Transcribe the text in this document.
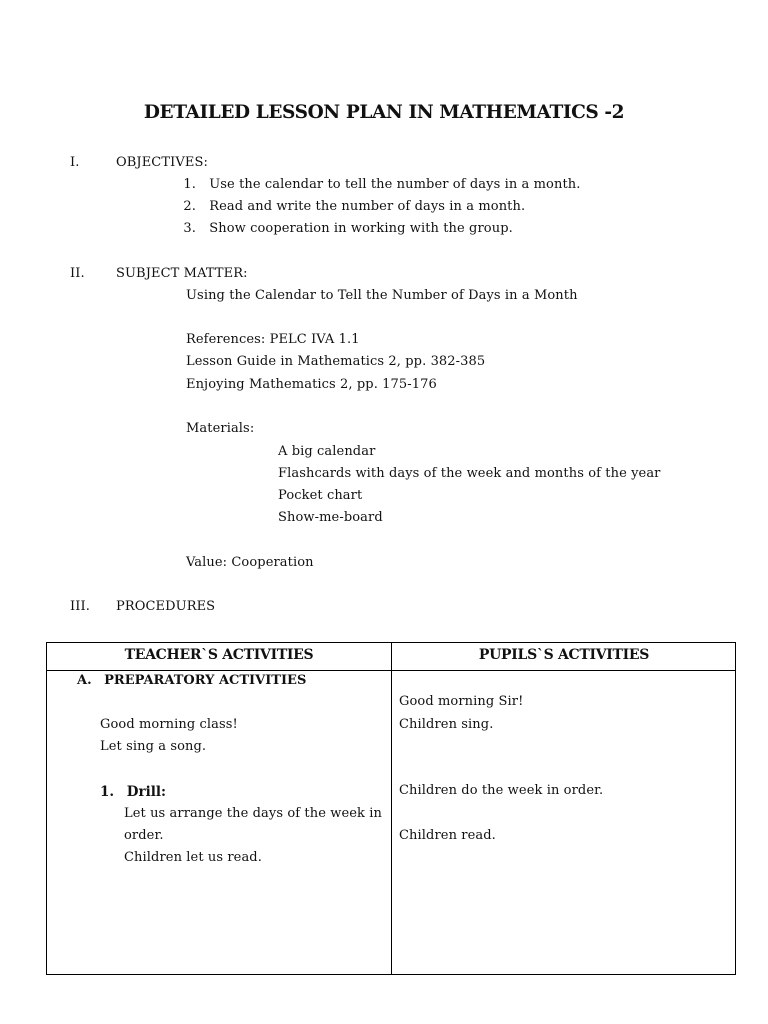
DETAILED LESSON PLAN IN MATHEMATICS -2
I.	OBJECTIVES:
1. Use the calendar to tell the number of days in a month.
2. Read and write the number of days in a month.
3. Show cooperation in working with the group.
II. SUBJECT MATTER:
Using the Calendar to Tell the Number of Days in a Month
References: PELC IVA 1.1
Lesson Guide in Mathematics 2, pp. 382-385
Enjoying Mathematics 2, pp. 175-176
Materials:
A big calendar
Flashcards with days of the week and months of the year
Pocket chart
Show-me-board
Value: Cooperation
III. PROCEDURES
TEACHER`S ACTIVITIES	PUPILS`S ACTIVITIES
A. PREPARATORY ACTIVITIES
Good morning class!
Let sing a song.
1. Drill:
Let us arrange the days of the week in
order.
Children let us read.
Good morning Sir!
Children sing.
Children do the week in order.
Children read.
